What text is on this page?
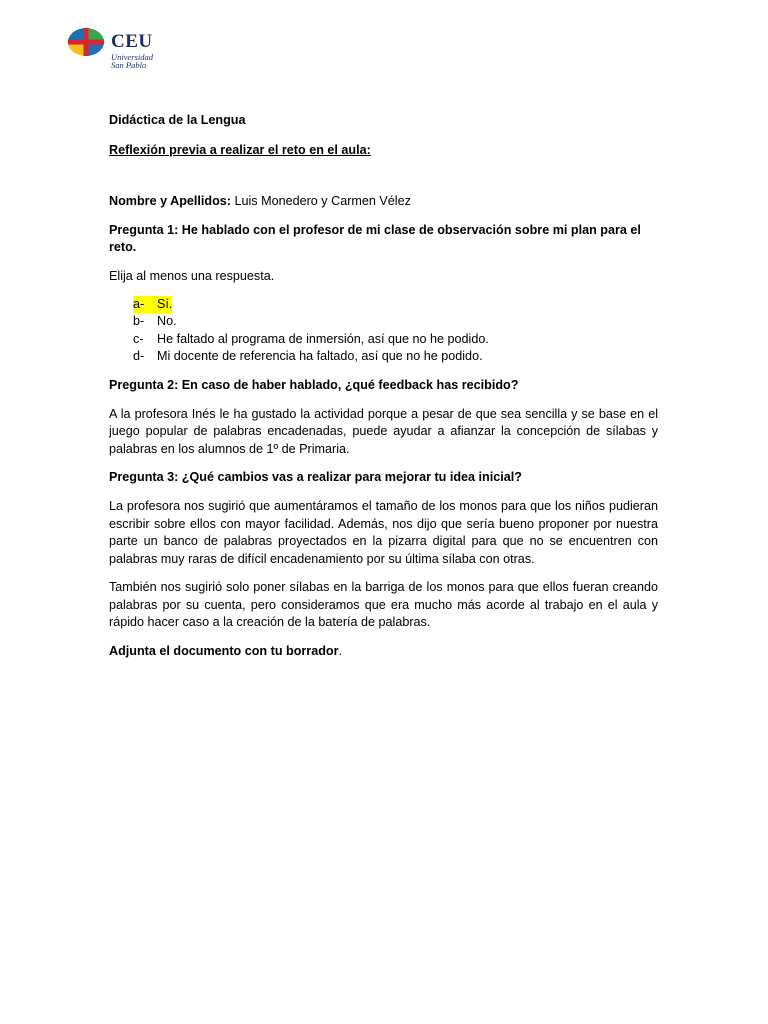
CEU
Universidad
San Pablo

Didáctica de la Lengua

Reflexión previa a realizar el reto en el aula:

Nombre y Apellidos: Luis Monedero y Carmen Vélez

Pregunta 1: He hablado con el profesor de mi clase de observación sobre mi plan para el reto.

Elija al menos una respuesta.

a-	Sí.
b-	No.
c-	He faltado al programa de inmersión, así que no he podido.
d-	Mi docente de referencia ha faltado, así que no he podido.

Pregunta 2: En caso de haber hablado, ¿qué feedback has recibido?

A la profesora Inés le ha gustado la actividad porque a pesar de que sea sencilla y se base en el juego popular de palabras encadenadas, puede ayudar a afianzar la concepción de sílabas y palabras en los alumnos de 1º de Primaria.

Pregunta 3: ¿Qué cambios vas a realizar para mejorar tu idea inicial?

La profesora nos sugirió que aumentáramos el tamaño de los monos para que los niños pudieran escribir sobre ellos con mayor facilidad. Además, nos dijo que sería bueno proponer por nuestra parte un banco de palabras proyectados en la pizarra digital para que no se encuentren con palabras muy raras de difícil encadenamiento por su última sílaba con otras.

También nos sugirió solo poner sílabas en la barriga de los monos para que ellos fueran creando palabras por su cuenta, pero consideramos que era mucho más acorde al trabajo en el aula y rápido hacer caso a la creación de la batería de palabras.

Adjunta el documento con tu borrador.
